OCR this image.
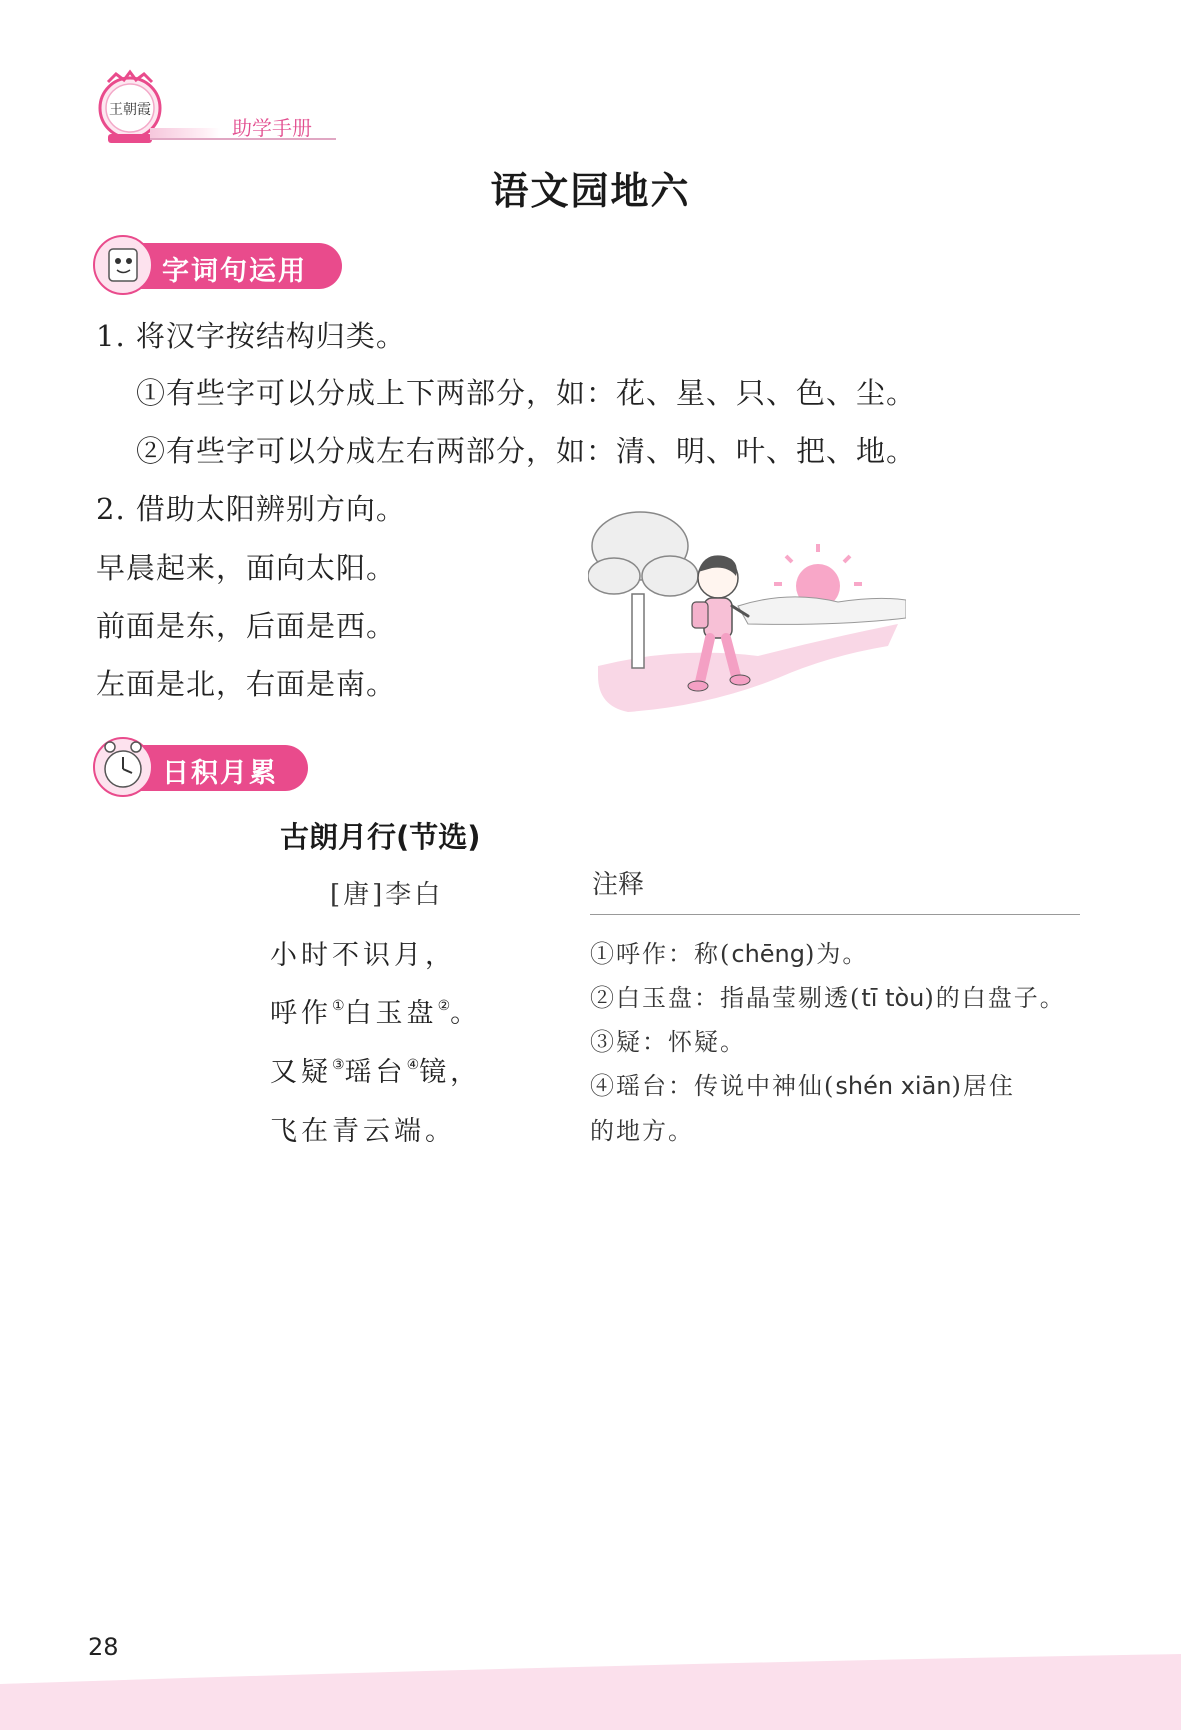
王朝霞
助学手册
语文园地六
字词句运用
1. 将汉字按结构归类。
①有些字可以分成上下两部分，如：花、星、只、色、尘。
②有些字可以分成左右两部分，如：清、明、叶、把、地。
2. 借助太阳辨别方向。
早晨起来，面向太阳。
前面是东，后面是西。
左面是北，右面是南。
日积月累
古朗月行(节选)
[唐]李白
小时不识月，
呼作①白玉盘②。
又疑③瑶台④镜，
飞在青云端。
注释
①呼作：称(chēng)为。
②白玉盘：指晶莹剔透(tī tòu)的白盘子。
③疑：怀疑。
④瑶台：传说中神仙(shén xiān)居住
的地方。
28
